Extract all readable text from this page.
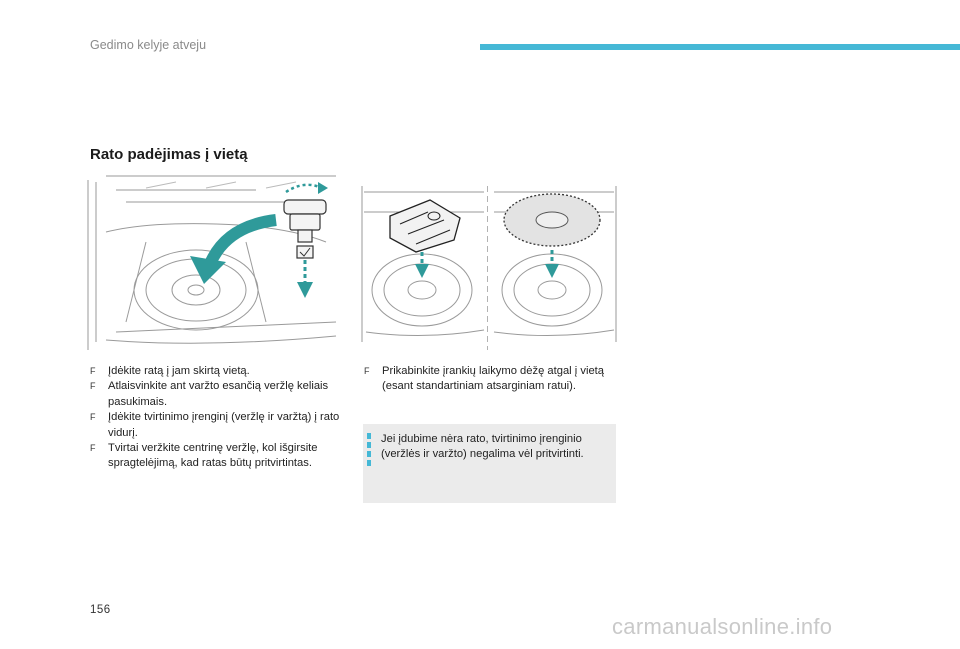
Gedimo kelyje atveju
Rato padėjimas į vietą
F Įdėkite ratą į jam skirtą vietą.
F Atlaisvinkite ant varžto esančią veržlę keliais pasukimais.
F Įdėkite tvirtinimo įrenginį (veržlę ir varžtą) į rato vidurį.
F Tvirtai veržkite centrinę veržlę, kol išgirsite spragtelėjimą, kad ratas būtų pritvirtintas.
F Prikabinkite įrankių laikymo dėžę atgal į vietą (esant standartiniam atsarginiam ratui).
Jei įdubime nėra rato, tvirtinimo įrenginio (veržlės ir varžto) negalima vėl pritvirtinti.
156
carmanualsonline.info
